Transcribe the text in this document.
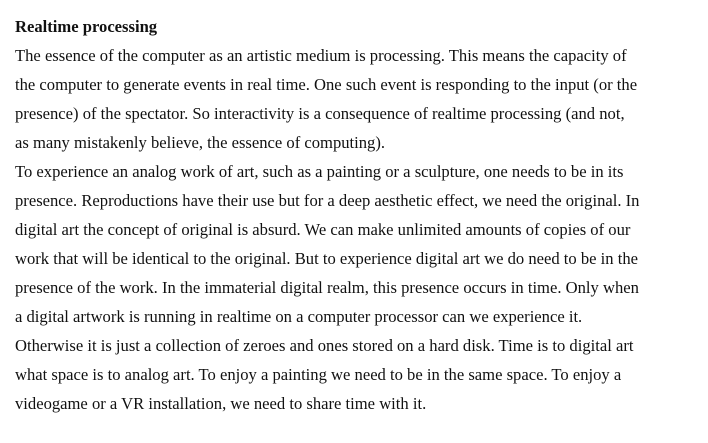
Realtime processing
The essence of the computer as an artistic medium is processing. This means the capacity of
the computer to generate events in real time. One such event is responding to the input (or the
presence) of the spectator. So interactivity is a consequence of realtime processing (and not,
as many mistakenly believe, the essence of computing).
To experience an analog work of art, such as a painting or a sculpture, one needs to be in its
presence. Reproductions have their use but for a deep aesthetic effect, we need the original. In
digital art the concept of original is absurd. We can make unlimited amounts of copies of our
work that will be identical to the original. But to experience digital art we do need to be in the
presence of the work. In the immaterial digital realm, this presence occurs in time. Only when
a digital artwork is running in realtime on a computer processor can we experience it.
Otherwise it is just a collection of zeroes and ones stored on a hard disk. Time is to digital art
what space is to analog art. To enjoy a painting we need to be in the same space. To enjoy a
videogame or a VR installation, we need to share time with it.
